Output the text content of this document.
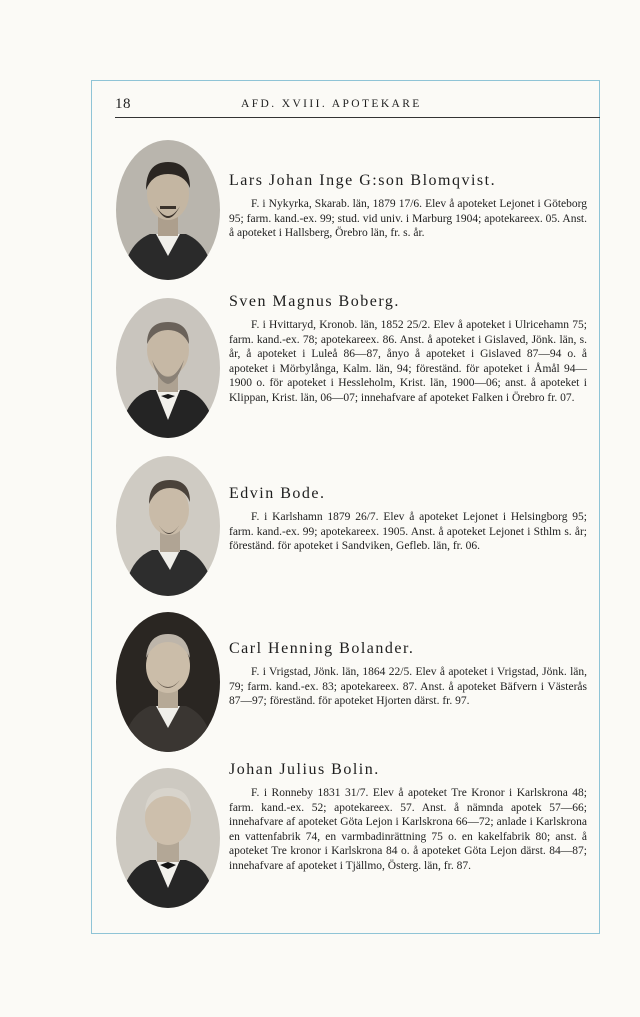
18	AFD. XVIII. APOTEKARE

Lars Johan Inge G:son Blomqvist.

F. i Nykyrka, Skarab. län, 1879 17/6. Elev å apoteket Lejonet i Göteborg 95; farm. kand.-ex. 99; stud. vid univ. i Marburg 1904; apotekareex. 05. Anst. å apoteket i Hallsberg, Örebro län, fr. s. år.

Sven Magnus Boberg.

F. i Hvittaryd, Kronob. län, 1852 25/2. Elev å apoteket i Ulricehamn 75; farm. kand.-ex. 78; apotekareex. 86. Anst. å apoteket i Gislaved, Jönk. län, s. år, å apoteket i Luleå 86—87, ånyo å apoteket i Gislaved 87—94 o. å apoteket i Mörbylånga, Kalm. län, 94; föreständ. för apoteket i Åmål 94—1900 o. för apoteket i Hessleholm, Krist. län, 1900—06; anst. å apoteket i Klippan, Krist. län, 06—07; innehafvare af apoteket Falken i Örebro fr. 07.

Edvin Bode.

F. i Karlshamn 1879 26/7. Elev å apoteket Lejonet i Helsingborg 95; farm. kand.-ex. 99; apotekareex. 1905. Anst. å apoteket Lejonet i Sthlm s. år; föreständ. för apoteket i Sandviken, Gefleb. län, fr. 06.

Carl Henning Bolander.

F. i Vrigstad, Jönk. län, 1864 22/5. Elev å apoteket i Vrigstad, Jönk. län, 79; farm. kand.-ex. 83; apotekareex. 87. Anst. å apoteket Bäfvern i Västerås 87—97; föreständ. för apoteket Hjorten därst. fr. 97.

Johan Julius Bolin.

F. i Ronneby 1831 31/7. Elev å apoteket Tre Kronor i Karlskrona 48; farm. kand.-ex. 52; apotekareex. 57. Anst. å nämnda apotek 57—66; innehafvare af apoteket Göta Lejon i Karlskrona 66—72; anlade i Karlskrona en vattenfabrik 74, en varmbadinrättning 75 o. en kakelfabrik 80; anst. å apoteket Tre kronor i Karlskrona 84 o. å apoteket Göta Lejon därst. 84—87; innehafvare af apoteket i Tjällmo, Österg. län, fr. 87.
